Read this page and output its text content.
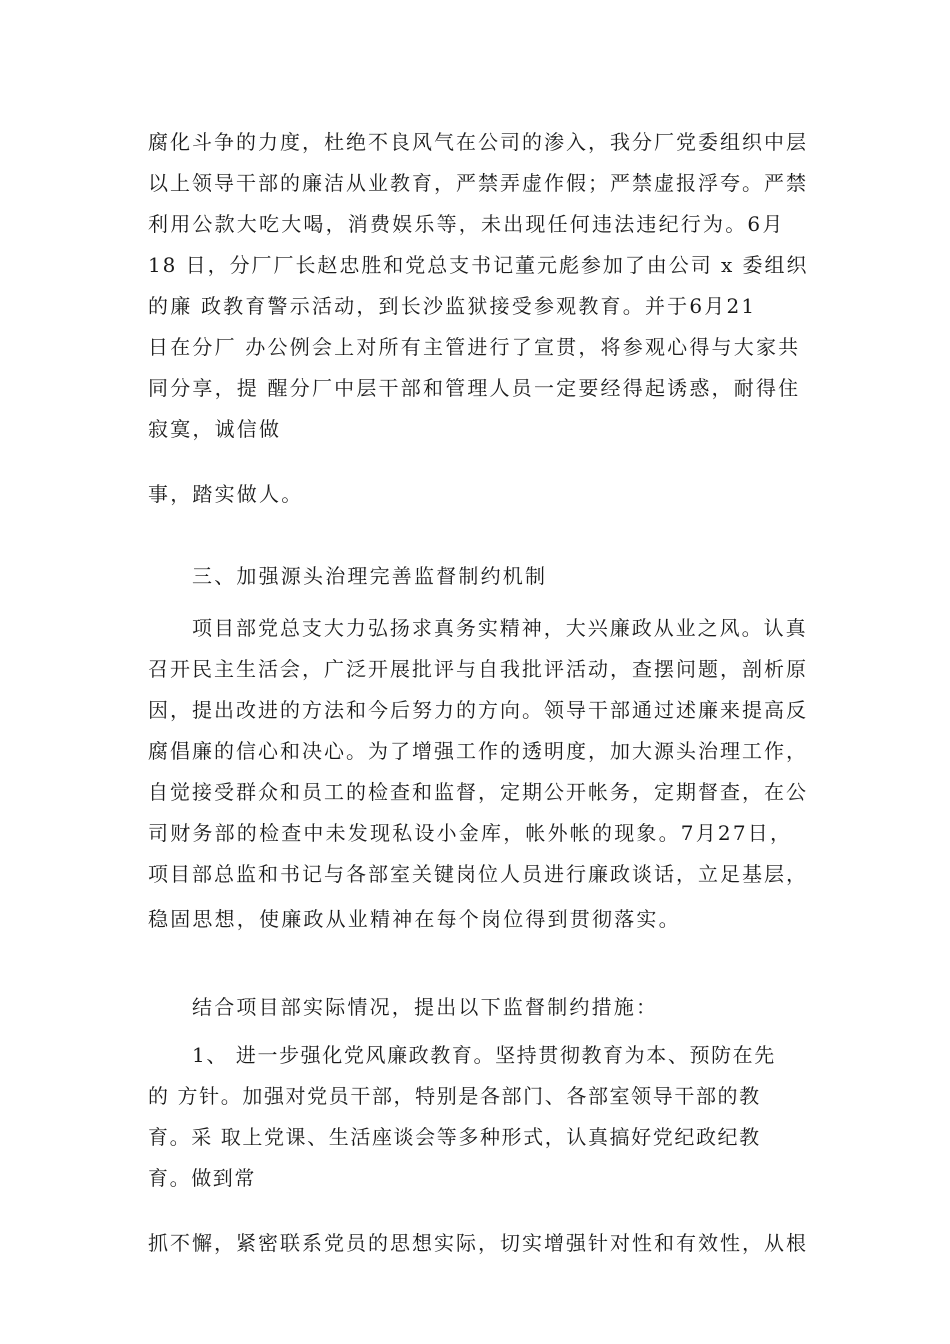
腐化斗争的力度，杜绝不良风气在公司的渗入，我分厂党委组织中层
以上领导干部的廉洁从业教育，严禁弄虚作假；严禁虚报浮夸。严禁
利用公款大吃大喝，消费娱乐等，未出现任何违法违纪行为。6月
18 日，分厂厂长赵忠胜和党总支书记董元彪参加了由公司 x 委组织
的廉 政教育警示活动，到长沙监狱接受参观教育。并于6月21
日在分厂 办公例会上对所有主管进行了宣贯，将参观心得与大家共
同分享，提 醒分厂中层干部和管理人员一定要经得起诱惑，耐得住
寂寞，诚信做
事，踏实做人。
三、加强源头治理完善监督制约机制
项目部党总支大力弘扬求真务实精神，大兴廉政从业之风。认真
召开民主生活会，广泛开展批评与自我批评活动，查摆问题，剖析原
因，提出改进的方法和今后努力的方向。领导干部通过述廉来提高反
腐倡廉的信心和决心。为了增强工作的透明度，加大源头治理工作，
自觉接受群众和员工的检查和监督，定期公开帐务，定期督查，在公
司财务部的检查中未发现私设小金库，帐外帐的现象。7月27日，
项目部总监和书记与各部室关键岗位人员进行廉政谈话，立足基层，
稳固思想，使廉政从业精神在每个岗位得到贯彻落实。
结合项目部实际情况，提出以下监督制约措施：
1、 进一步强化党风廉政教育。坚持贯彻教育为本、预防在先
的 方针。加强对党员干部，特别是各部门、各部室领导干部的教
育。采 取上党课、生活座谈会等多种形式，认真搞好党纪政纪教
育。做到常
抓不懈，紧密联系党员的思想实际，切实增强针对性和有效性，从根
